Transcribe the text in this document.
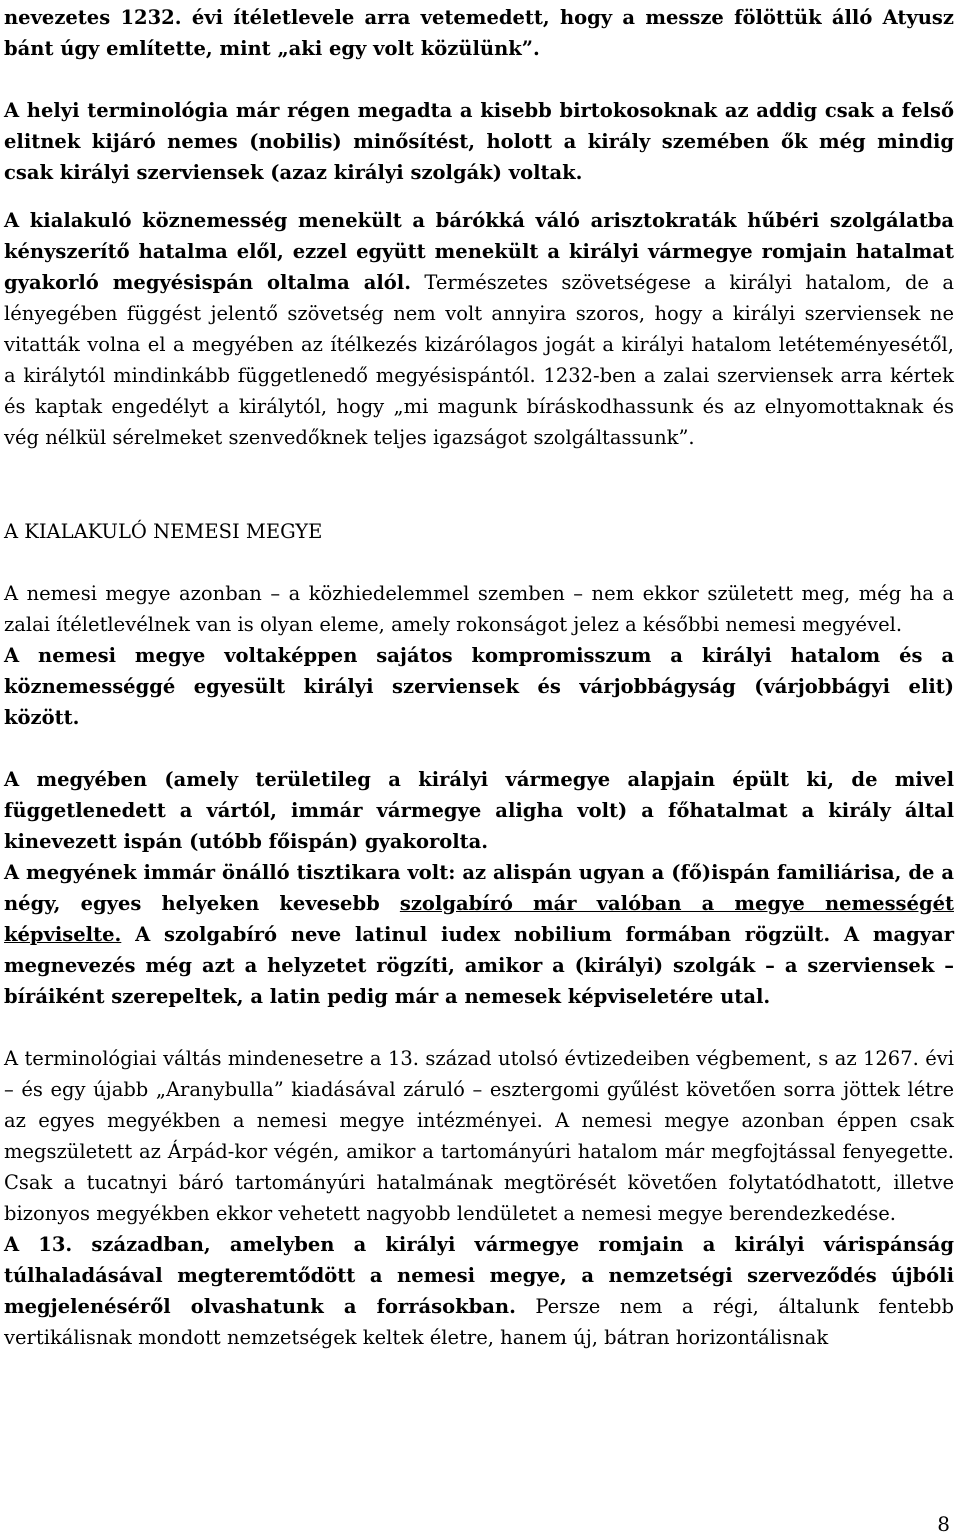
nevezetes 1232. évi ítéletlevele arra vetemedett, hogy a messze fölöttük álló Atyusz bánt úgy említette, mint „aki egy volt közülünk”.

A helyi terminológia már régen megadta a kisebb birtokosoknak az addig csak a felső elitnek kijáró nemes (nobilis) minősítést, holott a király szemében ők még mindig csak királyi szerviensek (azaz királyi szolgák) voltak.

A kialakuló köznemesség menekült a bárókká váló arisztokraták hűbéri szolgálatba kényszerítő hatalma elől, ezzel együtt menekült a királyi vármegye romjain hatalmat gyakorló megyésispán oltalma alól. Természetes szövetségese a királyi hatalom, de a lényegében függést jelentő szövetség nem volt annyira szoros, hogy a királyi szerviensek ne vitatták volna el a megyében az ítélkezés kizárólagos jogát a királyi hatalom letéteményesétől, a királytól mindinkább függetlenedő megyésispántól. 1232-ben a zalai szerviensek arra kértek és kaptak engedélyt a királytól, hogy „mi magunk bíráskodhassunk és az elnyomottaknak és vég nélkül sérelmeket szenvedőknek teljes igazságot szolgáltassunk”.

A KIALAKULÓ NEMESI MEGYE

A nemesi megye azonban – a közhiedelemmel szemben – nem ekkor született meg, még ha a zalai ítéletlevélnek van is olyan eleme, amely rokonságot jelez a későbbi nemesi megyével.

A nemesi megye voltaképpen sajátos kompromisszum a királyi hatalom és a köznemességgé egyesült királyi szerviensek és várjobbágyság (várjobbágyi elit) között.

A megyében (amely területileg a királyi vármegye alapjain épült ki, de mivel függetlenedett a vártól, immár vármegye aligha volt) a főhatalmat a király által kinevezett ispán (utóbb főispán) gyakorolta.

A megyének immár önálló tisztikara volt: az alispán ugyan a (fő)ispán familiárisa, de a négy, egyes helyeken kevesebb szolgabíró már valóban a megye nemességét képviselte. A szolgabíró neve latinul iudex nobilium formában rögzült. A magyar megnevezés még azt a helyzetet rögzíti, amikor a (királyi) szolgák – a szerviensek – bíráiként szerepeltek, a latin pedig már a nemesek képviseletére utal.

A terminológiai váltás mindenesetre a 13. század utolsó évtizedeiben végbement, s az 1267. évi – és egy újabb „Aranybulla” kiadásával záruló – esztergomi gyűlést követően sorra jöttek létre az egyes megyékben a nemesi megye intézményei. A nemesi megye azonban éppen csak megszületett az Árpád-kor végén, amikor a tartományúri hatalom már megfojtással fenyegette. Csak a tucatnyi báró tartományúri hatalmának megtörését követően folytatódhatott, illetve bizonyos megyékben ekkor vehetett nagyobb lendületet a nemesi megye berendezkedése.

A 13. században, amelyben a királyi vármegye romjain a királyi várispánság túlhaladásával megteremtődött a nemesi megye, a nemzetségi szerveződés újbóli megjelenéséről olvashatunk a forrásokban. Persze nem a régi, általunk fentebb vertikálisnak mondott nemzetségek keltek életre, hanem új, bátran horizontálisnak

8
